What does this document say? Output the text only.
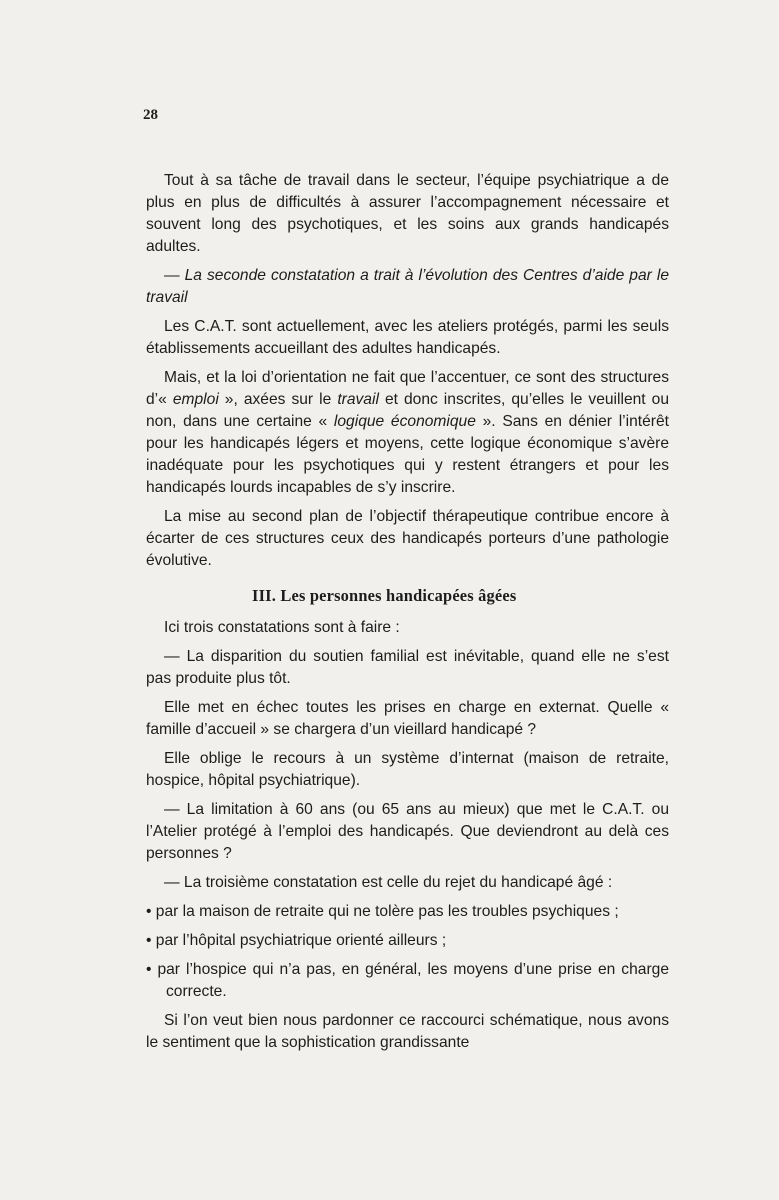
28

Tout à sa tâche de travail dans le secteur, l’équipe psychiatrique a de plus en plus de difficultés à assurer l’accompagnement nécessaire et souvent long des psychotiques, et les soins aux grands handicapés adultes.

— La seconde constatation a trait à l’évolution des Centres d’aide par le travail

Les C.A.T. sont actuellement, avec les ateliers protégés, parmi les seuls établissements accueillant des adultes handicapés.

Mais, et la loi d’orientation ne fait que l’accentuer, ce sont des structures d’« emploi », axées sur le travail et donc inscrites, qu’elles le veuillent ou non, dans une certaine « logique économique ». Sans en dénier l’intérêt pour les handicapés légers et moyens, cette logique économique s’avère inadéquate pour les psychotiques qui y restent étrangers et pour les handicapés lourds incapables de s’y inscrire.

La mise au second plan de l’objectif thérapeutique contribue encore à écarter de ces structures ceux des handicapés porteurs d’une pathologie évolutive.

III. Les personnes handicapées âgées

Ici trois constatations sont à faire :

— La disparition du soutien familial est inévitable, quand elle ne s’est pas produite plus tôt.

Elle met en échec toutes les prises en charge en externat. Quelle « famille d’accueil » se chargera d’un vieillard handicapé ?

Elle oblige le recours à un système d’internat (maison de retraite, hospice, hôpital psychiatrique).

— La limitation à 60 ans (ou 65 ans au mieux) que met le C.A.T. ou l’Atelier protégé à l’emploi des handicapés. Que deviendront au delà ces personnes ?

— La troisième constatation est celle du rejet du handicapé âgé :

• par la maison de retraite qui ne tolère pas les troubles psychiques ;

• par l’hôpital psychiatrique orienté ailleurs ;

• par l’hospice qui n’a pas, en général, les moyens d’une prise en charge correcte.

Si l’on veut bien nous pardonner ce raccourci schématique, nous avons le sentiment que la sophistication grandissante
